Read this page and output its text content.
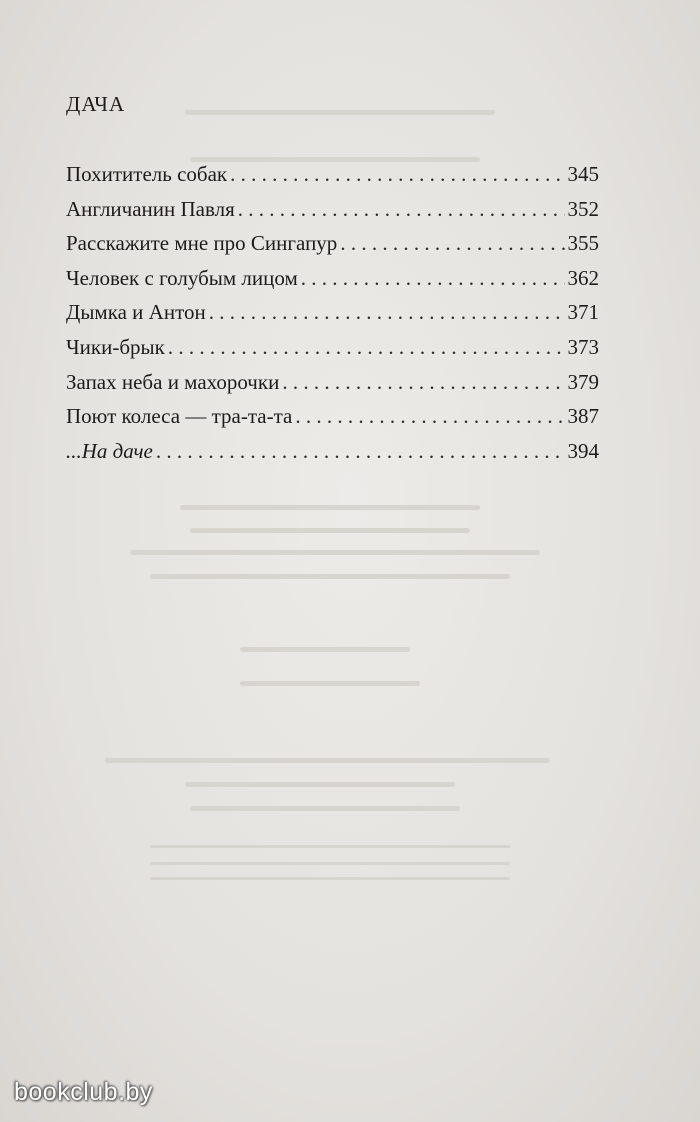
ДАЧА
Похититель собак . . .	345
Англичанин Павля . . .	352
Расскажите мне про Сингапур . . .	355
Человек с голубым лицом . . .	362
Дымка и Антон . . .	371
Чики-брык . . .	373
Запах неба и махорочки . . .	379
Поют колеса — тра-та-та . . .	387
...На даче . . .	394
bookclub.by
